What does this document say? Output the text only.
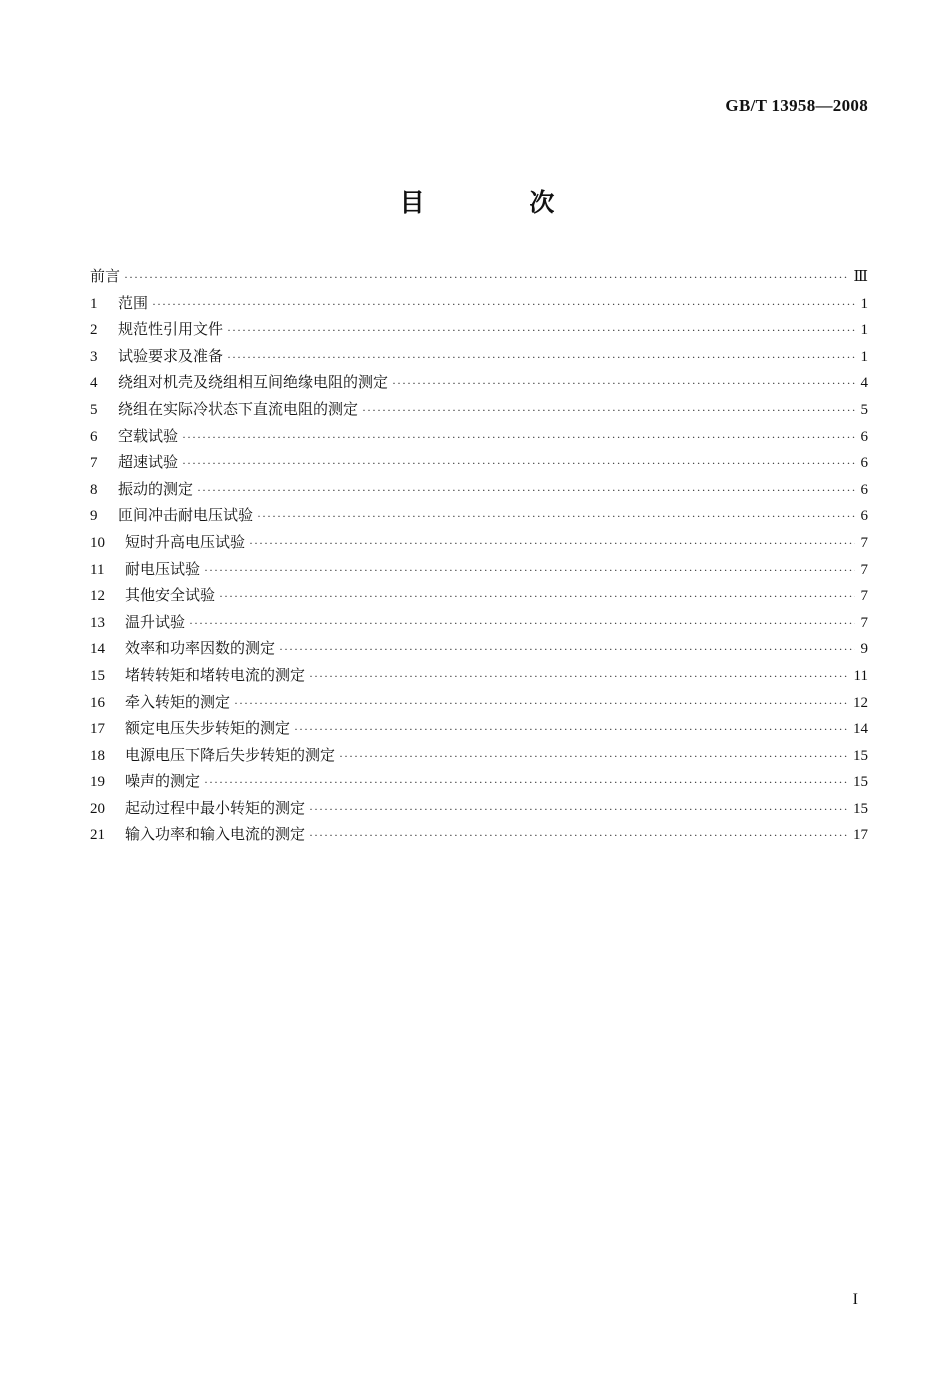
GB/T 13958—2008
目 次
前言 ·····	Ⅲ
1	范围 ·····	1
2	规范性引用文件 ·····	1
3	试验要求及准备 ·····	1
4	绕组对机壳及绕组相互间绝缘电阻的测定 ·····	4
5	绕组在实际冷状态下直流电阻的测定 ·····	5
6	空载试验 ·····	6
7	超速试验 ·····	6
8	振动的测定 ·····	6
9	匝间冲击耐电压试验 ·····	6
10	短时升高电压试验 ·····	7
11	耐电压试验 ·····	7
12	其他安全试验 ·····	7
13	温升试验 ·····	7
14	效率和功率因数的测定 ·····	9
15	堵转转矩和堵转电流的测定 ·····	11
16	牵入转矩的测定 ·····	12
17	额定电压失步转矩的测定 ·····	14
18	电源电压下降后失步转矩的测定 ·····	15
19	噪声的测定 ·····	15
20	起动过程中最小转矩的测定 ·····	15
21	输入功率和输入电流的测定 ·····	17
I
